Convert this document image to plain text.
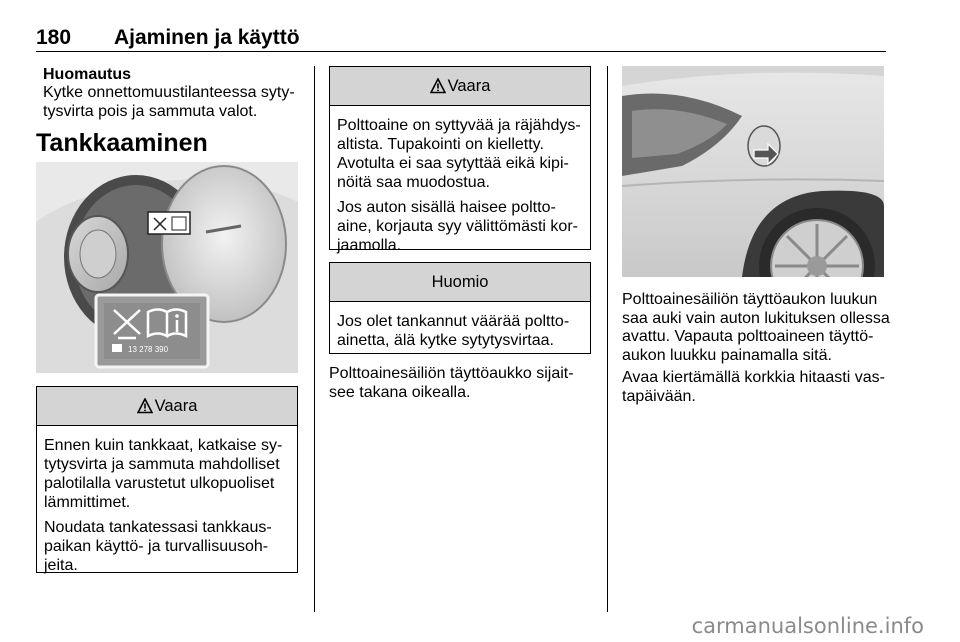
180 Ajaminen ja käyttö
Huomautus
Kytke onnettomuustilanteessa syty-tysvirta pois ja sammuta valot.
Tankkaaminen
13 278 390
Vaara

Ennen kuin tankkaat, katkaise sy-tytysvirta ja sammuta mahdolliset palotilalla varustetut ulkopuoliset lämmittimet.

Noudata tankatessasi tankkaus-paikan käyttö- ja turvallisuusoh-jeita.

Vaara

Polttoaine on syttyvää ja räjähdys-altista. Tupakointi on kielletty. Avotulta ei saa sytyttää eikä kipi-nöitä saa muodostua.

Jos auton sisällä haisee poltto-aine, korjauta syy välittömästi kor-jaamolla.

Huomio

Jos olet tankannut väärää poltto-ainetta, älä kytke sytytysvirtaa.

Polttoainesäiliön täyttöaukko sijait-see takana oikealla.
Polttoainesäiliön täyttöaukon luukun saa auki vain auton lukituksen ollessa avattu. Vapauta polttoaineen täyttö-aukon luukku painamalla sitä.
Avaa kiertämällä korkkia hitaasti vas-tapäivään.
carmanualsonline.info
